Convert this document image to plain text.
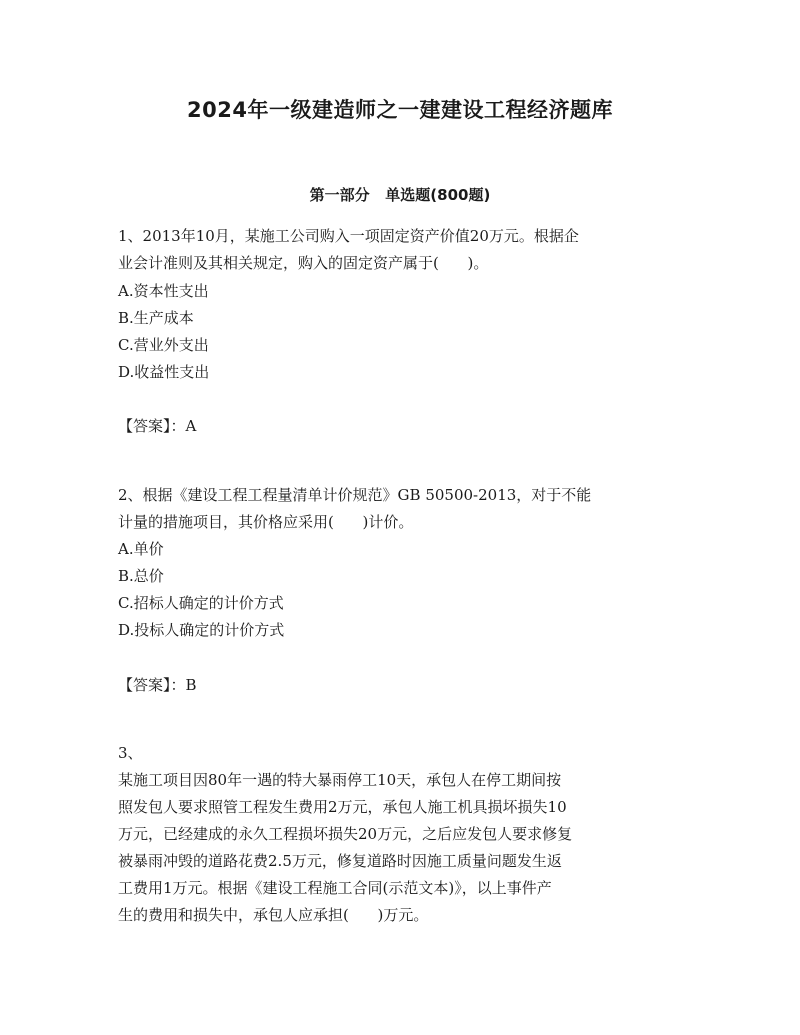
2024年一级建造师之一建建设工程经济题库
第一部分   单选题(800题)

1、2013年10月，某施工公司购入一项固定资产价值20万元。根据企

业会计准则及其相关规定，购入的固定资产属于(      )。

A.资本性支出

B.生产成本

C.营业外支出

D.收益性支出

【答案】：A

2、根据《建设工程工程量清单计价规范》GB 50500-2013，对于不能

计量的措施项目，其价格应采用(      )计价。

A.单价

B.总价

C.招标人确定的计价方式

D.投标人确定的计价方式

【答案】：B

3、

某施工项目因80年一遇的特大暴雨停工10天，承包人在停工期间按

照发包人要求照管工程发生费用2万元，承包人施工机具损坏损失10

万元，已经建成的永久工程损坏损失20万元，之后应发包人要求修复

被暴雨冲毁的道路花费2.5万元，修复道路时因施工质量问题发生返

工费用1万元。根据《建设工程施工合同(示范文本)》，以上事件产

生的费用和损失中，承包人应承担(      )万元。
